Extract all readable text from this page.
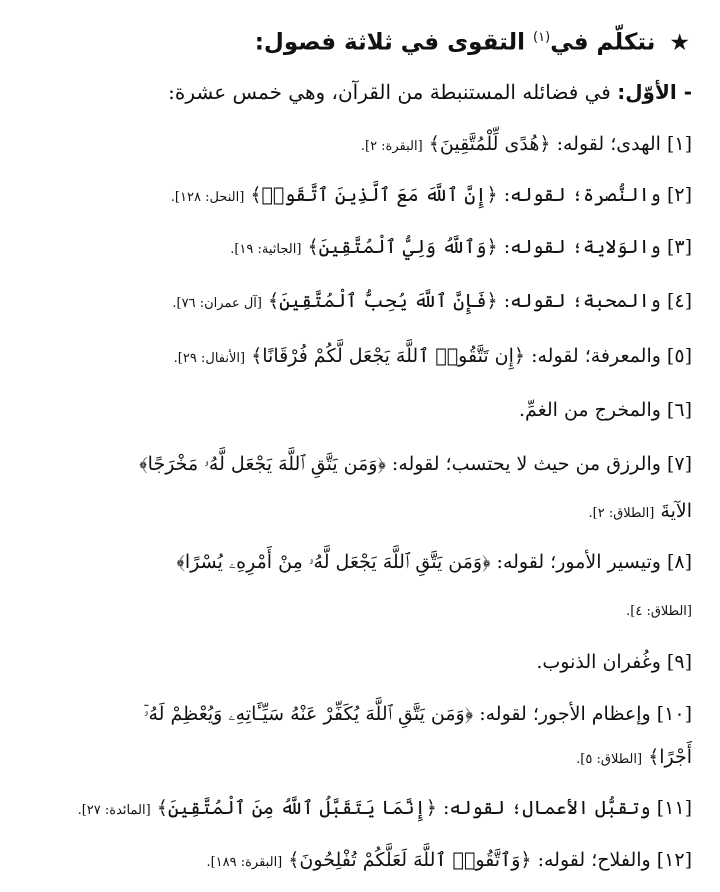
★ نتكلّم في$^{(١)}$ التقوى في ثلاثة فصول:
- الأوّل: في فضائله المستنبطة من القرآن، وهي خمس عشرة:
[١] الهدى؛ لقوله: ﴿هُدًى لِّلْمُتَّقِينَ﴾ [البقرة: ٢].
[٢] والنُّصرة؛ لقوله: ﴿إِنَّ ٱللَّهَ مَعَ ٱلَّذِينَ ٱتَّقَوا۟﴾ [النحل: ١٢٨].
[٣] والوَلاية؛ لقوله: ﴿وَٱللَّهُ وَلِيُّ ٱلْمُتَّقِينَ﴾ [الجاثية: ١٩].
[٤] والمحبة؛ لقوله: ﴿فَإِنَّ ٱللَّهَ يُحِبُّ ٱلْمُتَّقِينَ﴾ [آل عمران: ٧٦].
[٥] والمعرفة؛ لقوله: ﴿إِن تَتَّقُوا۟ ٱللَّهَ يَجْعَل لَّكُمْ فُرْقَانًا﴾ [الأنفال: ٢٩].
[٦] والمخرج من الغمِّ.
[٧] والرزق من حيث لا يحتسب؛ لقوله: ﴿وَمَن يَتَّقِ ٱللَّهَ يَجْعَل لَّهُۥ مَخْرَجًا﴾
الآيةَ [الطلاق: ٢].
[٨] وتيسير الأمور؛ لقوله: ﴿وَمَن يَتَّقِ ٱللَّهَ يَجْعَل لَّهُۥ مِنْ أَمْرِهِۦ يُسْرًا﴾
[الطلاق: ٤].
[٩] وغُفران الذنوب.
[١٠] وإعظام الأجور؛ لقوله: ﴿وَمَن يَتَّقِ ٱللَّهَ يُكَفِّرْ عَنْهُ سَيِّـَٔاتِهِۦ وَيُعْظِمْ لَهُۥٓ
أَجْرًا﴾ [الطلاق: ٥].
[١١] وتقبُّل الأعمال؛ لقوله: ﴿إِنَّمَا يَتَقَبَّلُ ٱللَّهُ مِنَ ٱلْمُتَّقِينَ﴾ [المائدة: ٢٧].
[١٢] والفلاح؛ لقوله: ﴿وَٱتَّقُوا۟ ٱللَّهَ لَعَلَّكُمْ تُفْلِحُونَ﴾ [البقرة: ١٨٩].
